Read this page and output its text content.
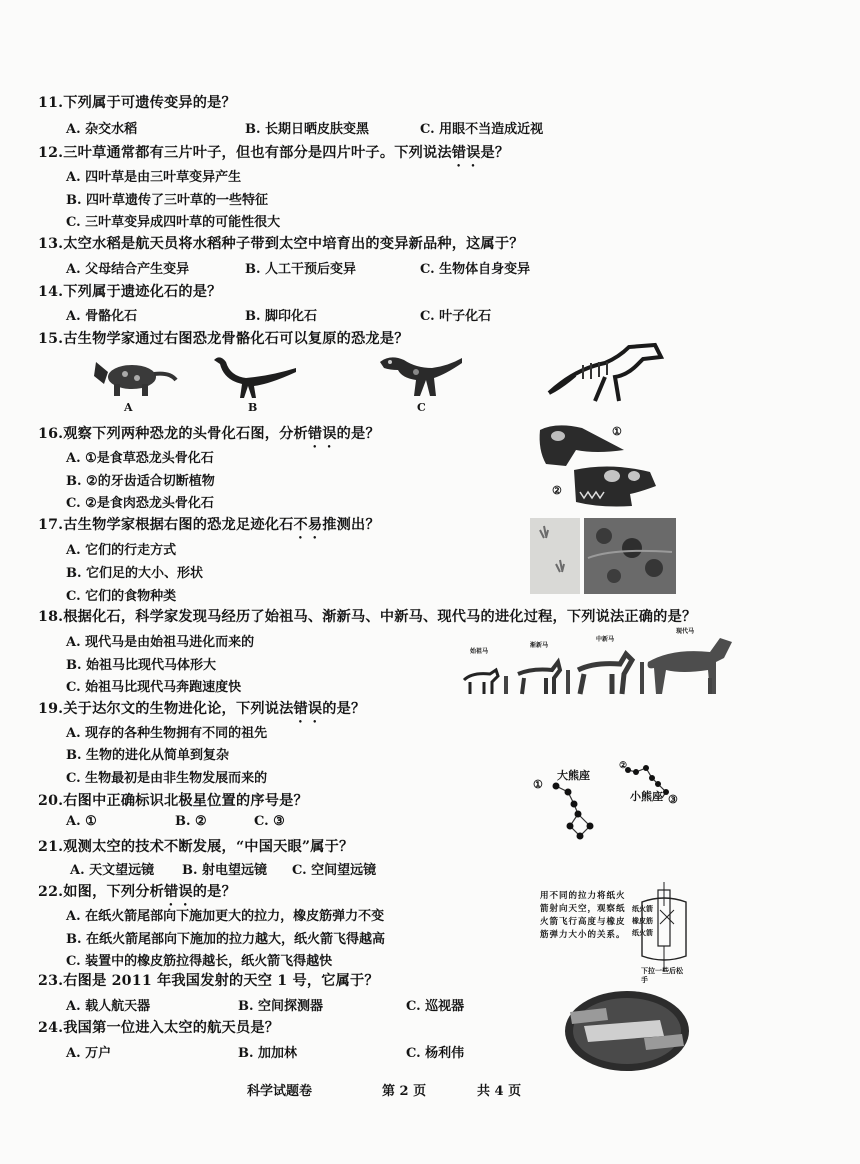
11.下列属于可遗传变异的是？
A. 杂交水稻	B. 长期日晒皮肤变黑	C. 用眼不当造成近视
12.三叶草通常都有三片叶子，但也有部分是四片叶子。下列说法错误是？
A. 四叶草是由三叶草变异产生
B. 四叶草遗传了三叶草的一些特征
C. 三叶草变异成四叶草的可能性很大
13.太空水稻是航天员将水稻种子带到太空中培育出的变异新品种，这属于？
A. 父母结合产生变异	B. 人工干预后变异	C. 生物体自身变异
14.下列属于遗迹化石的是？
A. 骨骼化石	B. 脚印化石	C. 叶子化石
15.古生物学家通过右图恐龙骨骼化石可以复原的恐龙是？
A	B	C
16.观察下列两种恐龙的头骨化石图，分析错误的是？
A. ①是食草恐龙头骨化石
B. ②的牙齿适合切断植物
C. ②是食肉恐龙头骨化石
①
②
17.古生物学家根据右图的恐龙足迹化石不易推测出？
A. 它们的行走方式
B. 它们足的大小、形状
C. 它们的食物种类
18.根据化石，科学家发现马经历了始祖马、渐新马、中新马、现代马的进化过程，下列说法正确的是？
A. 现代马是由始祖马进化而来的
B. 始祖马比现代马体形大
C. 始祖马比现代马奔跑速度快
始祖马
渐新马
中新马
现代马
19.关于达尔文的生物进化论，下列说法错误的是？
A. 现存的各种生物拥有不同的祖先
B. 生物的进化从简单到复杂
C. 生物最初是由非生物发展而来的
20.右图中正确标识北极星位置的序号是？
A. ①	B. ②	C. ③
大熊座
小熊座
①
②
③
21.观测太空的技术不断发展，“中国天眼”属于？
A. 天文望远镜 B. 射电望远镜 C. 空间望远镜
22.如图，下列分析错误的是？
A. 在纸火箭尾部向下施加更大的拉力，橡皮筋弹力不变
B. 在纸火箭尾部向下施加的拉力越大，纸火箭飞得越高
C. 装置中的橡皮筋拉得越长，纸火箭飞得越快
用不同的拉力将纸火箭射向天空，观察纸火箭飞行高度与橡皮筋弹力大小的关系。
纸火箭
橡皮筋
纸火箭
下拉一些后松手
23.右图是 2011 年我国发射的天空 1 号，它属于？
A. 载人航天器	B. 空间探测器	C. 巡视器
24.我国第一位进入太空的航天员是？
A. 万户	B. 加加林	C. 杨利伟
科学试题卷	第 2 页	共 4 页
